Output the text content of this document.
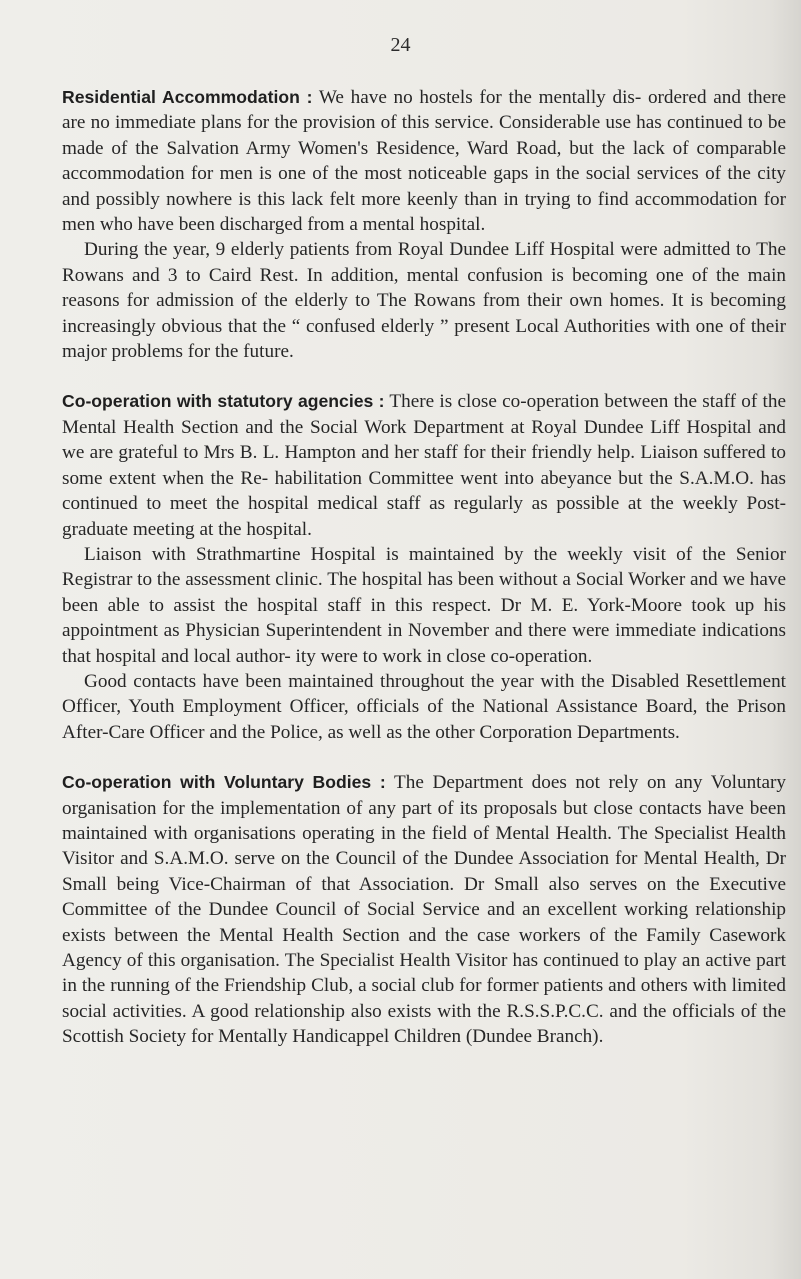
24

Residential Accommodation : We have no hostels for the mentally dis- ordered and there are no immediate plans for the provision of this service. Considerable use has continued to be made of the Salvation Army Women's Residence, Ward Road, but the lack of comparable accommodation for men is one of the most noticeable gaps in the social services of the city and possibly nowhere is this lack felt more keenly than in trying to find accommodation for men who have been discharged from a mental hospital.

During the year, 9 elderly patients from Royal Dundee Liff Hospital were admitted to The Rowans and 3 to Caird Rest. In addition, mental confusion is becoming one of the main reasons for admission of the elderly to The Rowans from their own homes. It is becoming increasingly obvious that the “ confused elderly ” present Local Authorities with one of their major problems for the future.

Co-operation with statutory agencies : There is close co-operation between the staff of the Mental Health Section and the Social Work Department at Royal Dundee Liff Hospital and we are grateful to Mrs B. L. Hampton and her staff for their friendly help. Liaison suffered to some extent when the Re- habilitation Committee went into abeyance but the S.A.M.O. has continued to meet the hospital medical staff as regularly as possible at the weekly Post- graduate meeting at the hospital.

Liaison with Strathmartine Hospital is maintained by the weekly visit of the Senior Registrar to the assessment clinic. The hospital has been without a Social Worker and we have been able to assist the hospital staff in this respect. Dr M. E. York-Moore took up his appointment as Physician Superintendent in November and there were immediate indications that hospital and local author- ity were to work in close co-operation.

Good contacts have been maintained throughout the year with the Disabled Resettlement Officer, Youth Employment Officer, officials of the National Assistance Board, the Prison After-Care Officer and the Police, as well as the other Corporation Departments.

Co-operation with Voluntary Bodies : The Department does not rely on any Voluntary organisation for the implementation of any part of its proposals but close contacts have been maintained with organisations operating in the field of Mental Health. The Specialist Health Visitor and S.A.M.O. serve on the Council of the Dundee Association for Mental Health, Dr Small being Vice-Chairman of that Association. Dr Small also serves on the Executive Committee of the Dundee Council of Social Service and an excellent working relationship exists between the Mental Health Section and the case workers of the Family Casework Agency of this organisation. The Specialist Health Visitor has continued to play an active part in the running of the Friendship Club, a social club for former patients and others with limited social activities. A good relationship also exists with the R.S.S.P.C.C. and the officials of the Scottish Society for Mentally Handicappel Children (Dundee Branch).
